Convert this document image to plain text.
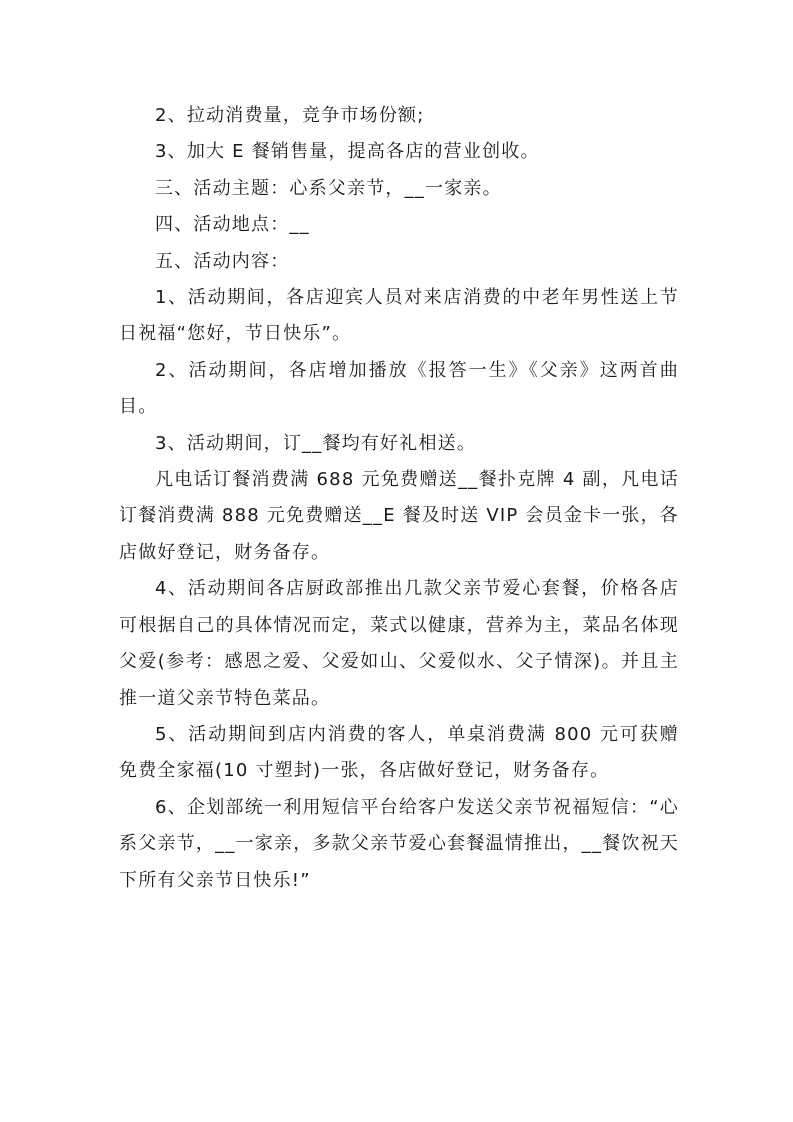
2、拉动消费量，竞争市场份额;

3、加大 E 餐销售量，提高各店的营业创收。

三、活动主题：心系父亲节，__一家亲。

四、活动地点：__

五、活动内容：

1、活动期间，各店迎宾人员对来店消费的中老年男性送上节日祝福“您好，节日快乐”。

2、活动期间，各店增加播放《报答一生》《父亲》这两首曲目。

3、活动期间，订__餐均有好礼相送。

凡电话订餐消费满 688 元免费赠送__餐扑克牌 4 副，凡电话订餐消费满 888 元免费赠送__E 餐及时送 VIP 会员金卡一张，各店做好登记，财务备存。

4、活动期间各店厨政部推出几款父亲节爱心套餐，价格各店可根据自己的具体情况而定，菜式以健康，营养为主，菜品名体现父爱(参考：感恩之爱、父爱如山、父爱似水、父子情深)。并且主推一道父亲节特色菜品。

5、活动期间到店内消费的客人，单桌消费满 800 元可获赠免费全家福(10 寸塑封)一张，各店做好登记，财务备存。

6、企划部统一利用短信平台给客户发送父亲节祝福短信：“心系父亲节，__一家亲，多款父亲节爱心套餐温情推出，__餐饮祝天下所有父亲节日快乐!”
